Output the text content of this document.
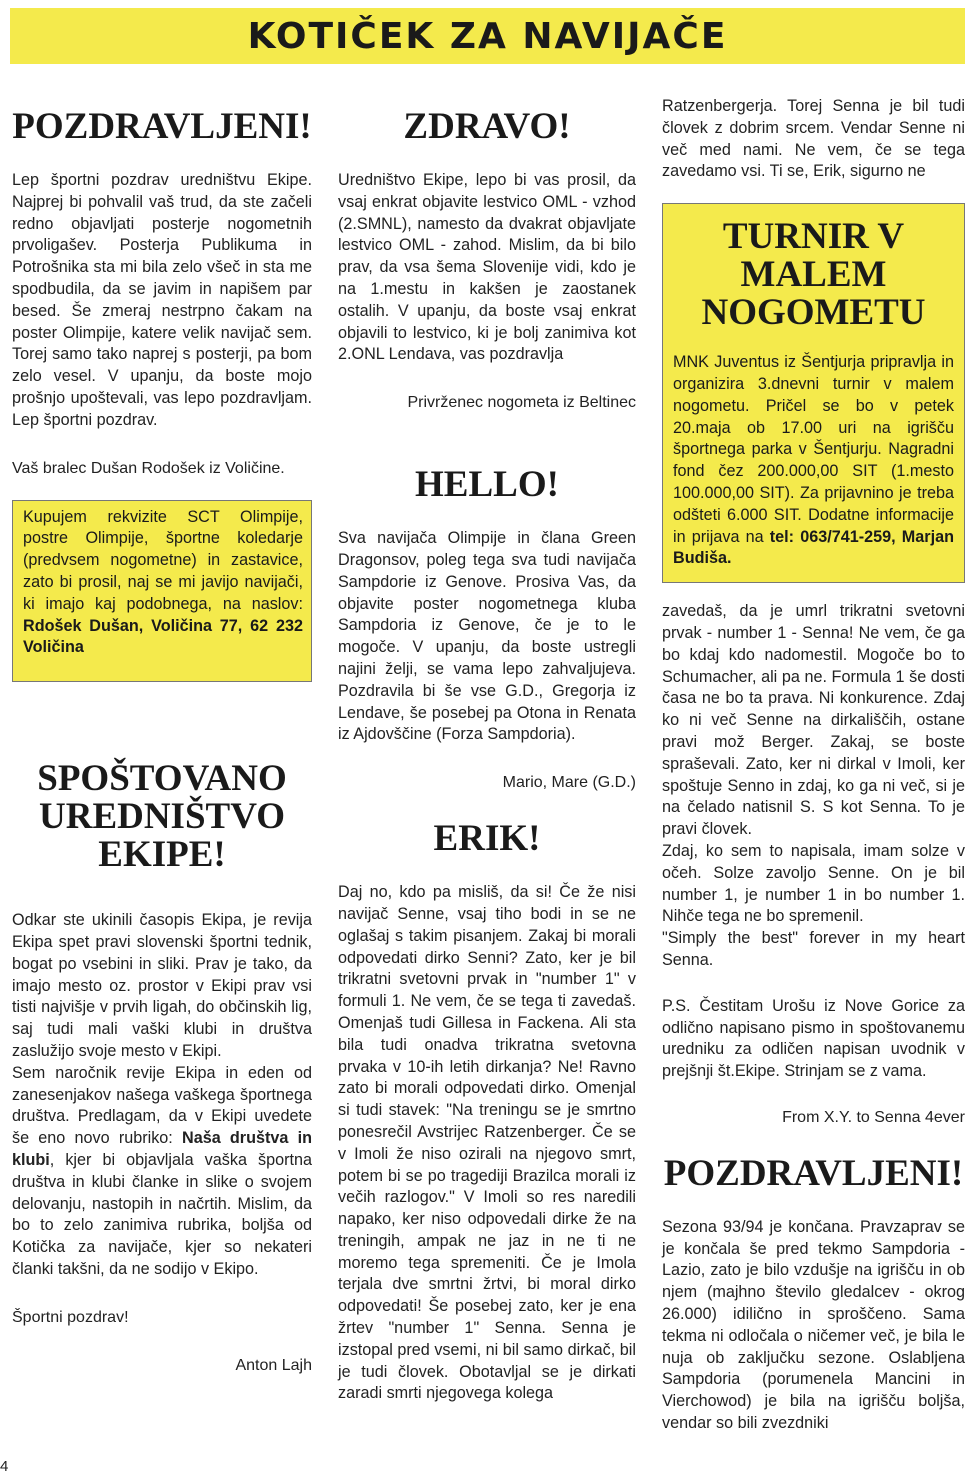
KOTIČEK ZA NAVIJAČE
POZDRAVLJENI!

Lep športni pozdrav uredništvu Ekipe. Najprej bi pohvalil vaš trud, da ste začeli redno objavljati posterje nogometnih prvoligašev. Posterja Publikuma in Potrošnika sta mi bila zelo všeč in sta me spodbudila, da se javim in napišem par besed. Še zmeraj nestrpno čakam na poster Olimpije, katere velik navijač sem. Torej samo tako naprej s posterji, pa bom zelo vesel. V upanju, da boste mojo prošnjo upoštevali, vas lepo pozdravljam. Lep športni pozdrav.

Vaš bralec Dušan Rodošek iz Voličine.

Kupujem rekvizite SCT Olimpije, postre Olimpije, športne koledarje (predvsem nogometne) in zastavice, zato bi prosil, naj se mi javijo navijači, ki imajo kaj podobnega, na naslov: Rdošek Dušan, Voličina 77, 62 232 Voličina

SPOŠTOVANO UREDNIŠTVO EKIPE!

Odkar ste ukinili časopis Ekipa, je revija Ekipa spet pravi slovenski športni tednik, bogat po vsebini in sliki. Prav je tako, da imajo mesto oz. prostor v Ekipi prav vsi tisti najvišje v prvih ligah, do občinskih lig, saj tudi mali vaški klubi in društva zaslužijo svoje mesto v Ekipi.

Sem naročnik revije Ekipa in eden od zanesenjakov našega vaškega športnega društva. Predlagam, da v Ekipi uvedete še eno novo rubriko: Naša društva in klubi, kjer bi objavljala vaška športna društva in klubi članke in slike o svojem delovanju, nastopih in načrtih. Mislim, da bo to zelo zanimiva rubrika, boljša od Kotička za navijače, kjer so nekateri članki takšni, da ne sodijo v Ekipo.

Športni pozdrav!

Anton Lajh

ZDRAVO!

Uredništvo Ekipe, lepo bi vas prosil, da vsaj enkrat objavite lestvico OML - vzhod (2.SMNL), namesto da dvakrat objavljate lestvico OML - zahod. Mislim, da bi bilo prav, da vsa šema Slovenije vidi, kdo je na 1.mestu in kakšen je zaostanek ostalih. V upanju, da boste vsaj enkrat objavili to lestvico, ki je bolj zanimiva kot 2.ONL Lendava, vas pozdravlja

Privrženec nogometa iz Beltinec

HELLO!

Sva navijača Olimpije in člana Green Dragonsov, poleg tega sva tudi navijača Sampdorie iz Genove. Prosiva Vas, da objavite poster nogometnega kluba Sampdoria iz Genove, če je to le mogoče. V upanju, da boste ustregli najini želji, se vama lepo zahvaljujeva. Pozdravila bi še vse G.D., Gregorja iz Lendave, še posebej pa Otona in Renata iz Ajdovščine (Forza Sampdoria).

Mario, Mare (G.D.)

ERIK!

Daj no, kdo pa misliš, da si! Če že nisi navijač Senne, vsaj tiho bodi in se ne oglašaj s takim pisanjem. Zakaj bi morali odpovedati dirko Senni? Zato, ker je bil trikratni svetovni prvak in "number 1" v formuli 1. Ne vem, če se tega ti zavedaš. Omenjaš tudi Gillesa in Fackena. Ali sta bila tudi onadva trikratna svetovna prvaka v 10-ih letih dirkanja? Ne! Ravno zato bi morali odpovedati dirko. Omenjal si tudi stavek: "Na treningu se je smrtno ponesrečil Avstrijec Ratzenberger. Če se v Imoli že niso ozirali na njegovo smrt, potem bi se po tragediji Brazilca morali iz večih razlogov." V Imoli so res naredili napako, ker niso odpovedali dirke že na treningih, ampak ne jaz in ne ti ne moremo tega spremeniti. Če je Imola terjala dve smrtni žrtvi, bi moral dirko odpovedati! Še posebej zato, ker je ena žrtev "number 1" Senna. Senna je izstopal pred vsemi, ni bil samo dirkač, bil je tudi človek. Obotavljal se je dirkati zaradi smrti njegovega kolega

Ratzenbergerja. Torej Senna je bil tudi človek z dobrim srcem. Vendar Senne ni več med nami. Ne vem, če se tega zavedamo vsi. Ti se, Erik, sigurno ne

TURNIR V MALEM NOGOMETU

MNK Juventus iz Šentjurja pripravlja in organizira 3.dnevni turnir v malem nogometu. Pričel se bo v petek 20.maja ob 17.00 uri na igrišču športnega parka v Šentjurju. Nagradni fond čez 200.000,00 SIT (1.mesto 100.000,00 SIT). Za prijavnino je treba odšteti 6.000 SIT. Dodatne informacije in prijava na tel: 063/741-259, Marjan Budiša.

zavedaš, da je umrl trikratni svetovni prvak - number 1 - Senna! Ne vem, če ga bo kdaj kdo nadomestil. Mogoče bo to Schumacher, ali pa ne. Formula 1 še dosti časa ne bo ta prava. Ni konkurence. Zdaj ko ni več Senne na dirkališčih, ostane pravi mož Berger. Zakaj, se boste spraševali. Zato, ker ni dirkal v Imoli, ker spoštuje Senno in zdaj, ko ga ni več, si je na čelado natisnil S. S kot Senna. To je pravi človek.

Zdaj, ko sem to napisala, imam solze v očeh. Solze zavoljo Senne. On je bil number 1, je number 1 in bo number 1. Nihče tega ne bo spremenil.

"Simply the best" forever in my heart Senna.

P.S. Čestitam Urošu iz Nove Gorice za odlično napisano pismo in spoštovanemu uredniku za odličen napisan uvodnik v prejšnji št.Ekipe. Strinjam se z vama.

From X.Y. to Senna 4ever

POZDRAVLJENI!

Sezona 93/94 je končana. Pravzaprav se je končala še pred tekmo Sampdoria - Lazio, zato je bilo vzdušje na igrišču in ob njem (majhno število gledalcev - okrog 26.000) idilično in sproščeno. Sama tekma ni odločala o ničemer več, je bila le nuja ob zaključku sezone. Oslabljena Sampdoria (porumenela Mancini in Vierchowod) je bila na igrišču boljša, vendar so bili zvezdniki

4
